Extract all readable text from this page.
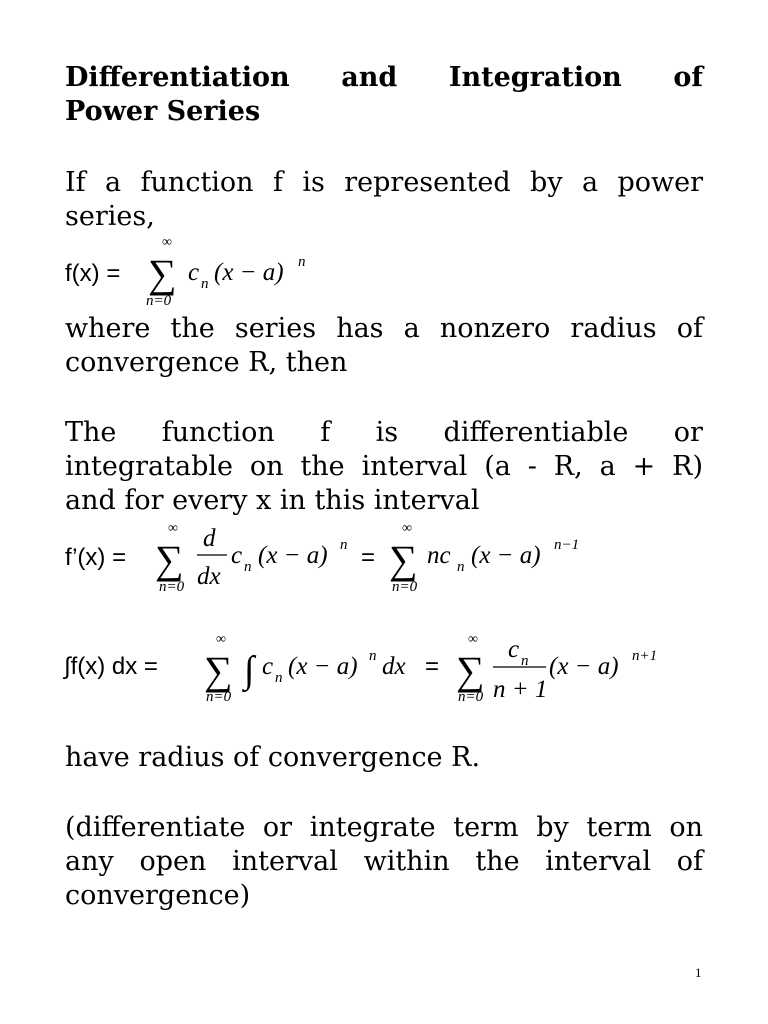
Differentiation and Integration of
Power Series
If a function f is represented by a power
series,
where the series has a nonzero radius of
convergence R, then
The function f is differentiable or
integratable on the interval (a - R, a + R)
and for every x in this interval
have radius of convergence R.
(differentiate or integrate term by term on
any open interval within the interval of
convergence)
f(x) =
∞
∑
n=0
c n (x − a) n
f’(x) =
∞
∑
n=0
d
dx
c n (x − a) n =
∞
∑
n=0
nc n (x − a) n−1
∫f(x) dx =
∞
∑
n=0
∫ c n (x − a) n dx =
∞
∑
n=0
c n
n + 1
(x − a) n+1
1
